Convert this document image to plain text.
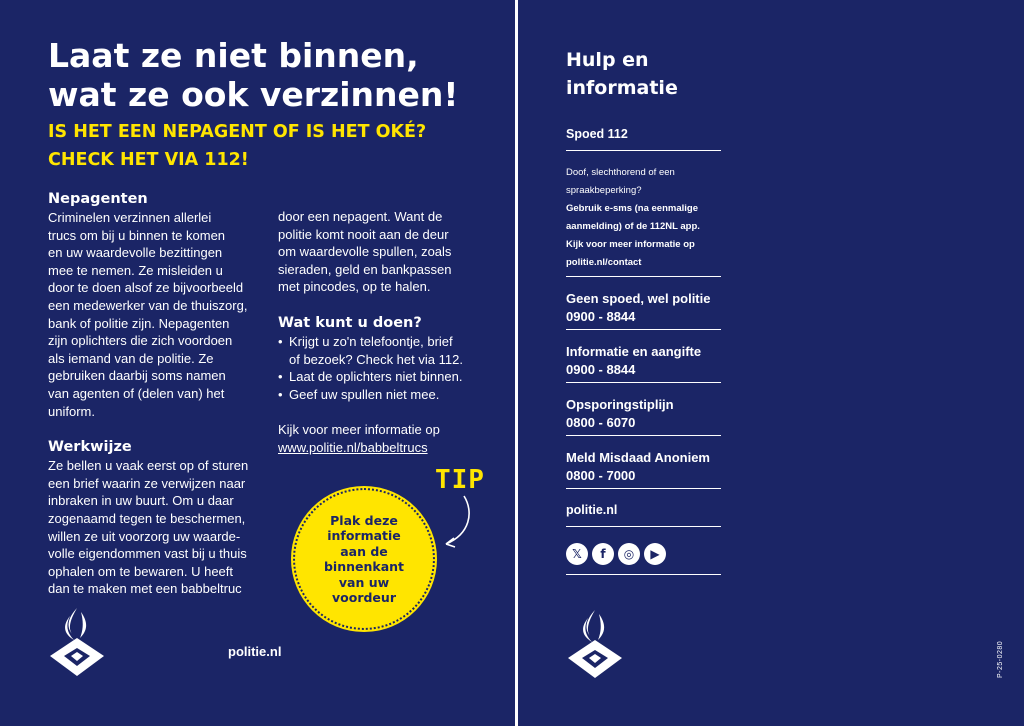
Laat ze niet binnen,
wat ze ook verzinnen!
IS HET EEN NEPAGENT OF IS HET OKÉ?
CHECK HET VIA 112!

Nepagenten

Criminelen verzinnen allerlei
trucs om bij u binnen te komen
en uw waardevolle bezittingen
mee te nemen. Ze misleiden u
door te doen alsof ze bijvoorbeeld
een medewerker van de thuiszorg,
bank of politie zijn. Nepagenten
zijn oplichters die zich voordoen
als iemand van de politie. Ze
gebruiken daarbij soms namen
van agenten of (delen van) het
uniform.

Werkwijze

Ze bellen u vaak eerst op of sturen
een brief waarin ze verwijzen naar
inbraken in uw buurt. Om u daar
zogenaamd tegen te beschermen,
willen ze uit voorzorg uw waarde-
volle eigendommen vast bij u thuis
ophalen om te bewaren. U heeft
dan te maken met een babbeltruc
door een nepagent. Want de
politie komt nooit aan de deur
om waardevolle spullen, zoals
sieraden, geld en bankpassen
met pincodes, op te halen.

Wat kunt u doen?

• Krijgt u zo'n telefoontje, brief
of bezoek? Check het via 112.
• Laat de oplichters niet binnen.
• Geef uw spullen niet mee.
Kijk voor meer informatie op
www.politie.nl/babbeltrucs
TIP
Plak deze informatie aan de binnenkant van uw voordeur
politie.nl
Hulp en
informatie
Spoed 112
Doof, slechthorend of een
spraakbeperking?
Gebruik e-sms (na eenmalige
aanmelding) of de 112NL app.
Kijk voor meer informatie op
politie.nl/contact
Geen spoed, wel politie
0900 - 8844
Informatie en aangifte
0900 - 8844
Opsporingstiplijn
0800 - 6070
Meld Misdaad Anoniem
0800 - 7000
politie.nl
𝕏	f	◎	▶
P-25-0280
